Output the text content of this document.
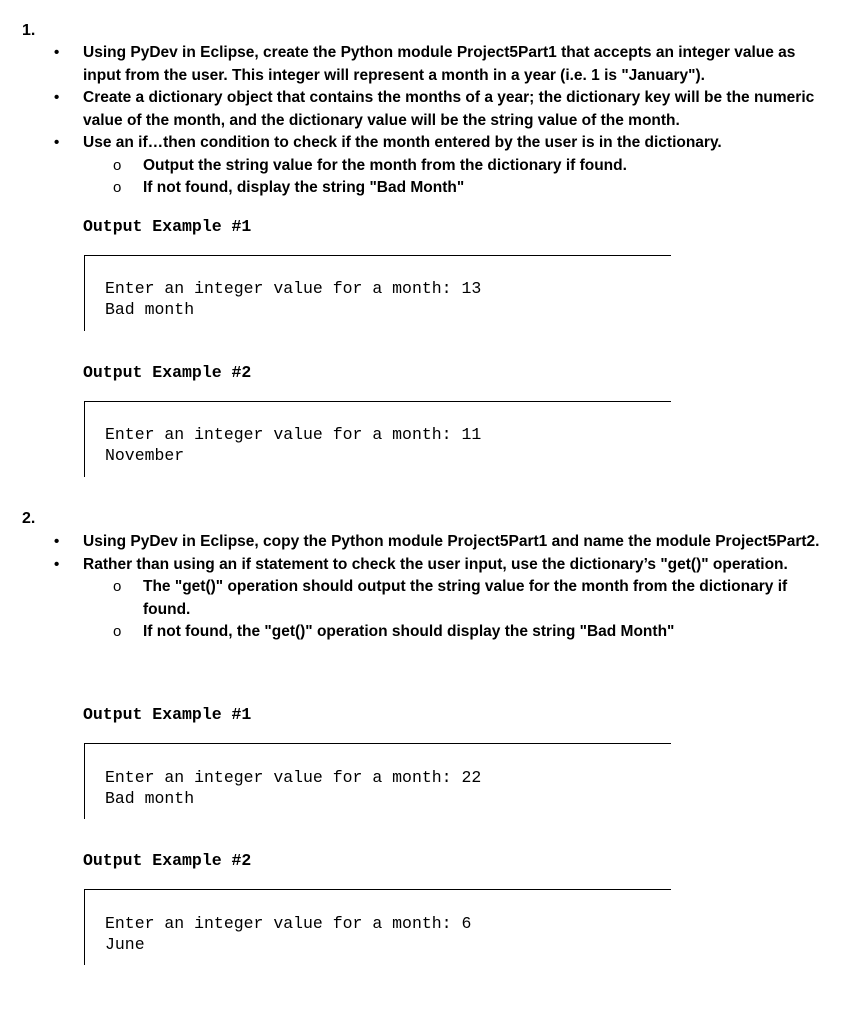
1.
• Using PyDev in Eclipse, create the Python module Project5Part1 that accepts an integer value as input from the user. This integer will represent a month in a year (i.e. 1 is "January").
• Create a dictionary object that contains the months of a year; the dictionary key will be the numeric value of the month, and the dictionary value will be the string value of the month.
• Use an if…then condition to check if the month entered by the user is in the dictionary.
o Output the string value for the month from the dictionary if found.
o If not found, display the string "Bad Month"
Output Example #1
Enter an integer value for a month: 13
Bad month
Output Example #2
Enter an integer value for a month: 11
November
2.
• Using PyDev in Eclipse, copy the Python module Project5Part1 and name the module Project5Part2.
• Rather than using an if statement to check the user input, use the dictionary’s "get()" operation.
o The "get()" operation should output the string value for the month from the dictionary if found.
o If not found, the "get()" operation should display the string "Bad Month"
Output Example #1
Enter an integer value for a month: 22
Bad month
Output Example #2
Enter an integer value for a month: 6
June
